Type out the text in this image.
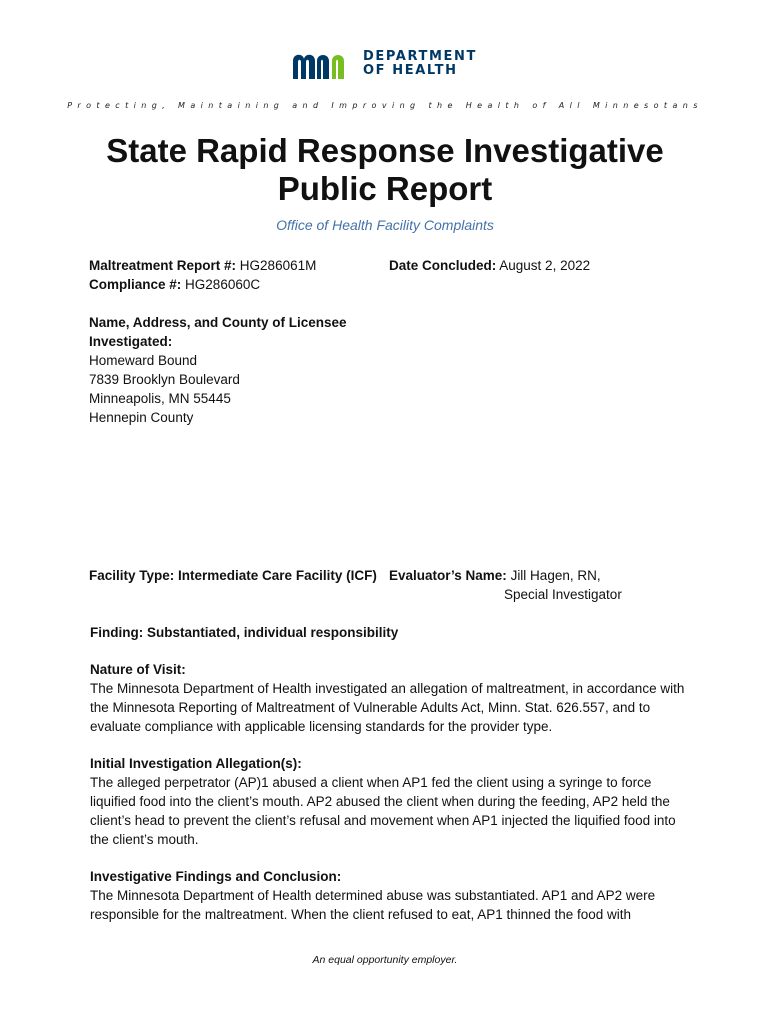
DEPARTMENT
OF HEALTH
Protecting, Maintaining and Improving the Health of All Minnesotans
State Rapid Response Investigative
Public Report
Office of Health Facility Complaints
Maltreatment Report #: HG286061M
Compliance #: HG286060C
Date Concluded: August 2, 2022
Name, Address, and County of Licensee
Investigated:
Homeward Bound
7839 Brooklyn Boulevard
Minneapolis, MN 55445
Hennepin County
Facility Type: Intermediate Care Facility (ICF) Evaluator’s Name: Jill Hagen, RN,
Special Investigator
Finding: Substantiated, individual responsibility
Nature of Visit:
The Minnesota Department of Health investigated an allegation of maltreatment, in accordance with the Minnesota Reporting of Maltreatment of Vulnerable Adults Act, Minn. Stat. 626.557, and to evaluate compliance with applicable licensing standards for the provider type.
Initial Investigation Allegation(s):
The alleged perpetrator (AP)1 abused a client when AP1 fed the client using a syringe to force liquified food into the client’s mouth. AP2 abused the client when during the feeding, AP2 held the client’s head to prevent the client’s refusal and movement when AP1 injected the liquified food into the client’s mouth.
Investigative Findings and Conclusion:
The Minnesota Department of Health determined abuse was substantiated. AP1 and AP2 were responsible for the maltreatment. When the client refused to eat, AP1 thinned the food with
An equal opportunity employer.
